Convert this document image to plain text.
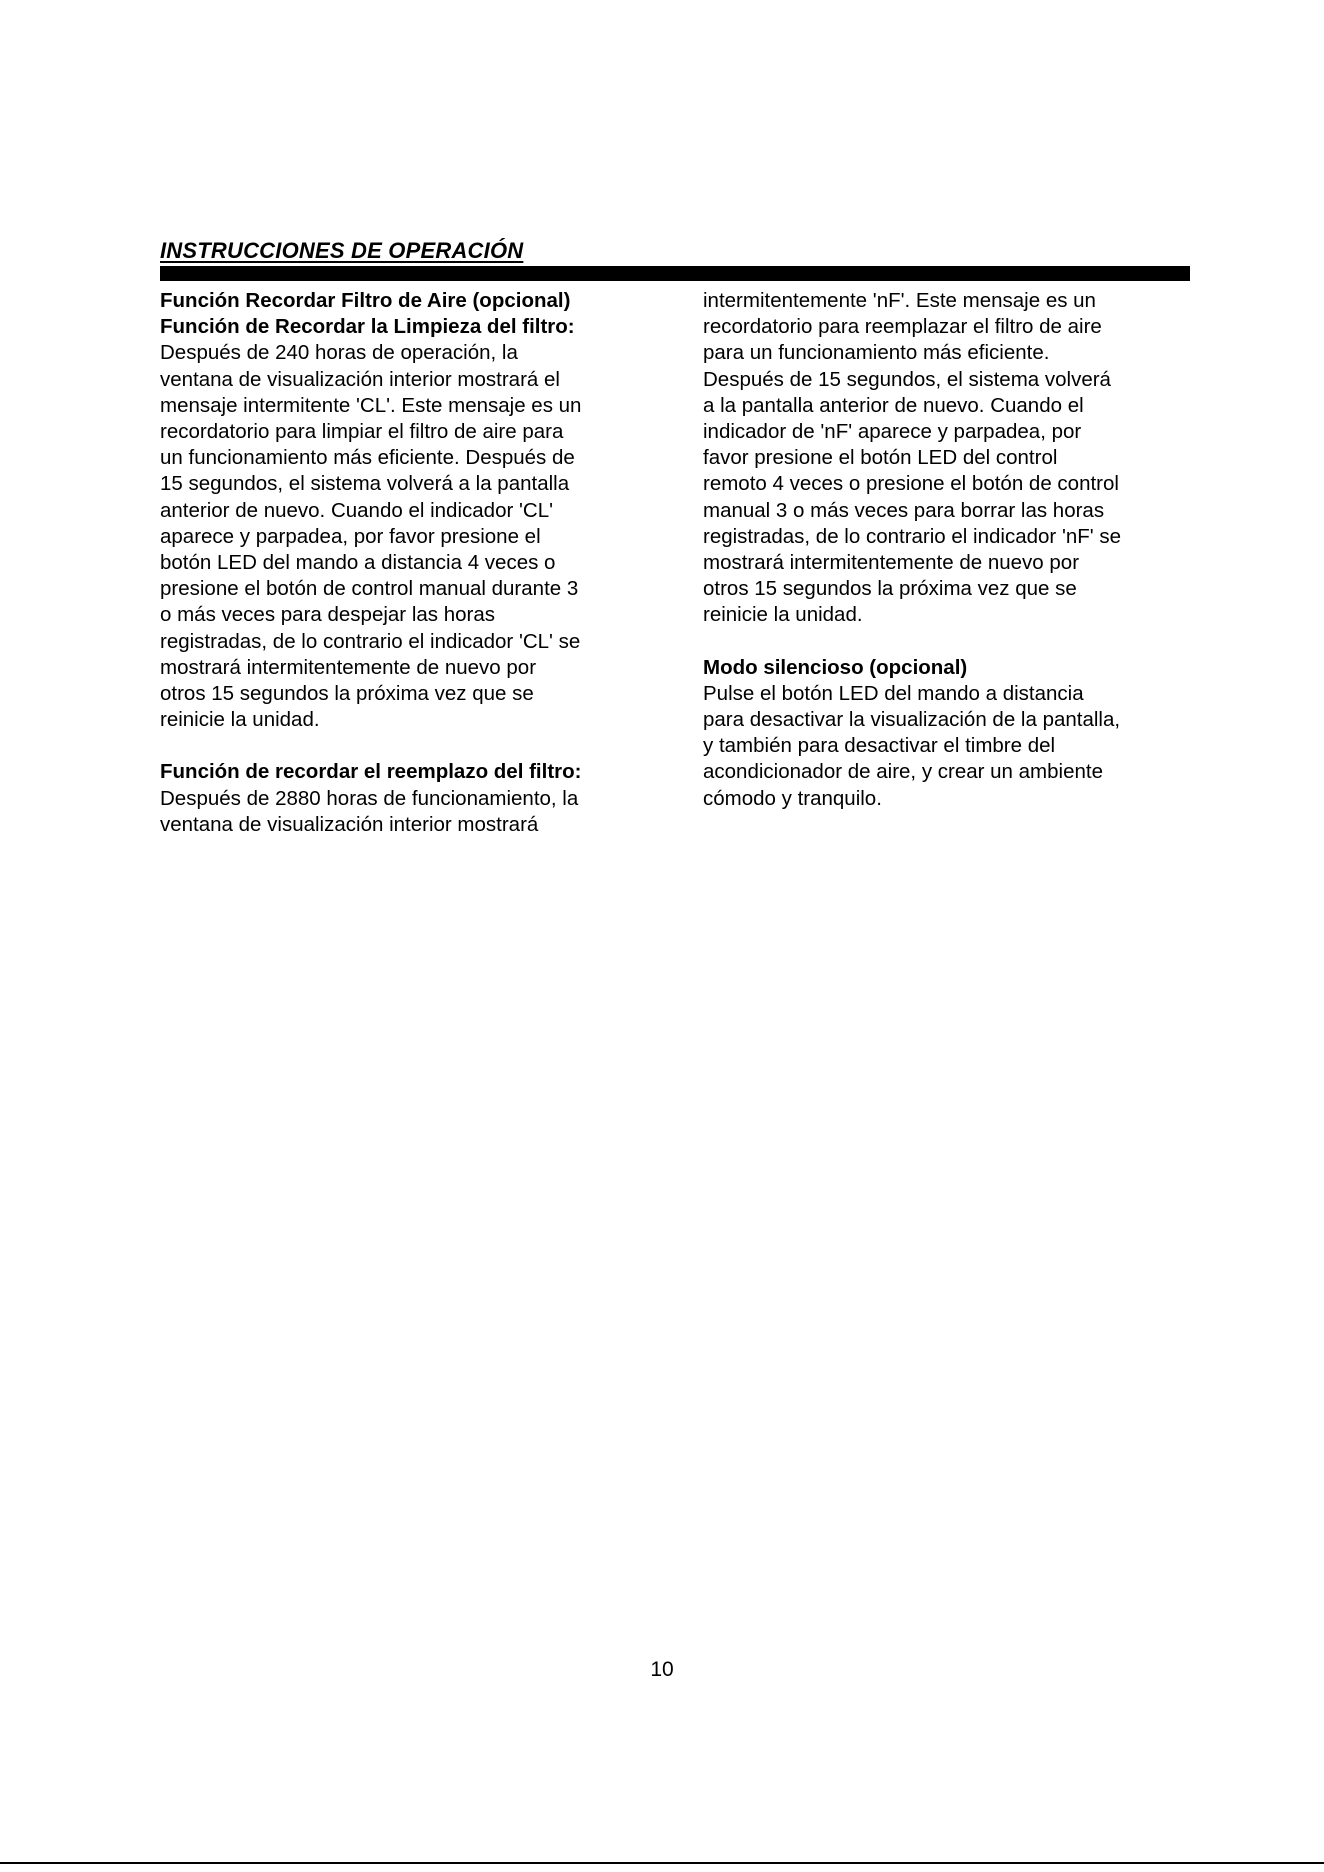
INSTRUCCIONES DE OPERACIÓN

Función Recordar Filtro de Aire (opcional)

Función de Recordar la Limpieza del filtro:

Después de 240 horas de operación, la

ventana de visualización interior mostrará el

mensaje intermitente 'CL'. Este mensaje es un

recordatorio para limpiar el filtro de aire para

un funcionamiento más eficiente. Después de

15 segundos, el sistema volverá a la pantalla

anterior de nuevo. Cuando el indicador 'CL'

aparece y parpadea, por favor presione el

botón LED del mando a distancia 4 veces o

presione el botón de control manual durante 3

o más veces para despejar las horas

registradas, de lo contrario el indicador 'CL' se

mostrará intermitentemente de nuevo por

otros 15 segundos la próxima vez que se

reinicie la unidad.

Función de recordar el reemplazo del filtro:

Después de 2880 horas de funcionamiento, la

ventana de visualización interior mostrará

intermitentemente 'nF'. Este mensaje es un

recordatorio para reemplazar el filtro de aire

para un funcionamiento más eficiente.

Después de 15 segundos, el sistema volverá

a la pantalla anterior de nuevo. Cuando el

indicador de 'nF' aparece y parpadea, por

favor presione el botón LED del control

remoto 4 veces o presione el botón de control

manual 3 o más veces para borrar las horas

registradas, de lo contrario el indicador 'nF' se

mostrará intermitentemente de nuevo por

otros 15 segundos la próxima vez que se

reinicie la unidad.

Modo silencioso (opcional)

Pulse el botón LED del mando a distancia

para desactivar la visualización de la pantalla,

y también para desactivar el timbre del

acondicionador de aire, y crear un ambiente

cómodo y tranquilo.

10
